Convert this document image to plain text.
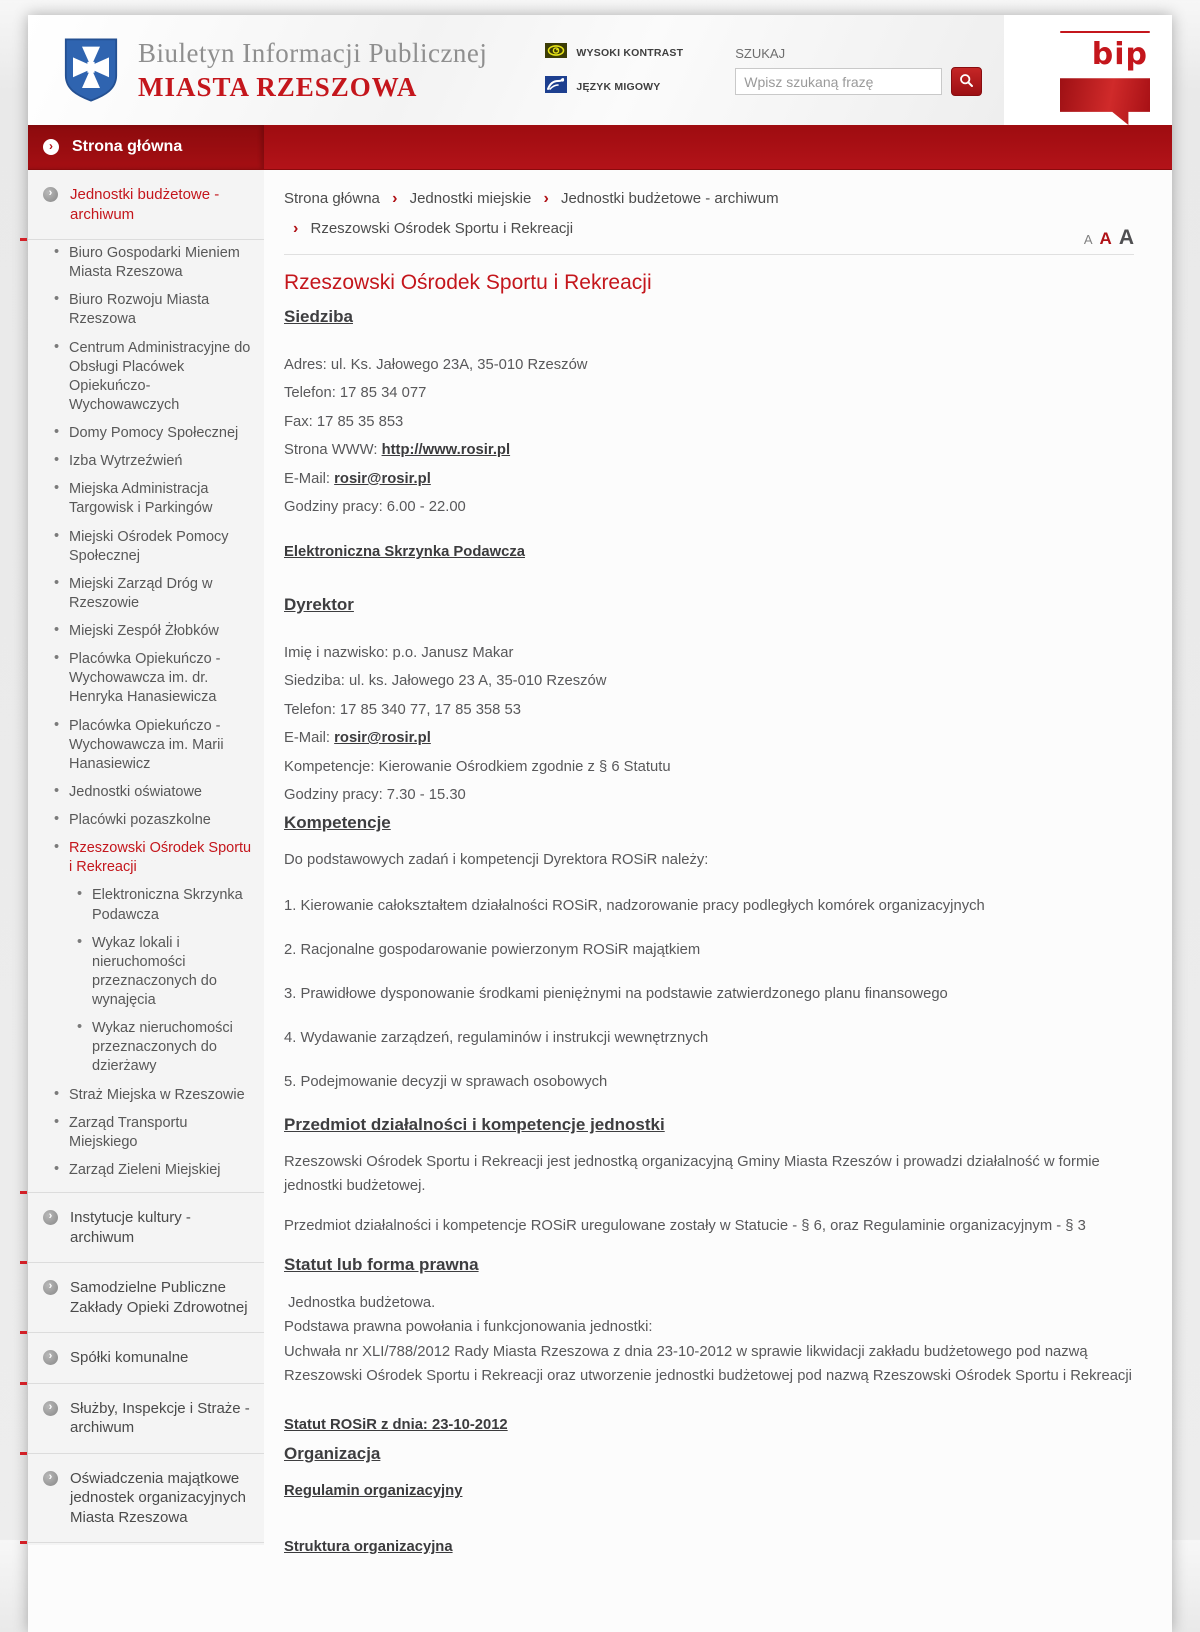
Biuletyn Informacji Publicznej
MIASTA RZESZOWA
WYSOKI KONTRAST
JĘZYK MIGOWY
SZUKAJ
Wpisz szukaną frazę	bip
›	Strona główna
›	Jednostki budżetowe - archiwum
• Biuro Gospodarki Mieniem Miasta Rzeszowa
• Biuro Rozwoju Miasta Rzeszowa
• Centrum Administracyjne do Obsługi Placówek Opiekuńczo-Wychowawczych
• Domy Pomocy Społecznej
• Izba Wytrzeźwień
• Miejska Administracja Targowisk i Parkingów
• Miejski Ośrodek Pomocy Społecznej
• Miejski Zarząd Dróg w Rzeszowie
• Miejski Zespół Żłobków
• Placówka Opiekuńczo - Wychowawcza im. dr. Henryka Hanasiewicza
• Placówka Opiekuńczo - Wychowawcza im. Marii Hanasiewicz
• Jednostki oświatowe
• Placówki pozaszkolne
• Rzeszowski Ośrodek Sportu i Rekreacji
• Elektroniczna Skrzynka Podawcza
• Wykaz lokali i nieruchomości przeznaczonych do wynajęcia
• Wykaz nieruchomości przeznaczonych do dzierżawy
• Straż Miejska w Rzeszowie
• Zarząd Transportu Miejskiego
• Zarząd Zieleni Miejskiej
›	Instytucje kultury - archiwum
›	Samodzielne Publiczne Zakłady Opieki Zdrowotnej
›	Spółki komunalne
›	Służby, Inspekcje i Straże - archiwum
›	Oświadczenia majątkowe jednostek organizacyjnych Miasta Rzeszowa
Strona główna › Jednostki miejskie › Jednostki budżetowe - archiwum
› Rzeszowski Ośrodek Sportu i Rekreacji
A A A
Rzeszowski Ośrodek Sportu i Rekreacji
Siedziba

Adres: ul. Ks. Jałowego 23A, 35-010 Rzeszów

Telefon: 17 85 34 077

Fax: 17 85 35 853

Strona WWW: http://www.rosir.pl

E-Mail: rosir@rosir.pl

Godziny pracy: 6.00 - 22.00

Elektroniczna Skrzynka Podawcza

Dyrektor

Imię i nazwisko: p.o. Janusz Makar

Siedziba: ul. ks. Jałowego 23 A, 35-010 Rzeszów

Telefon: 17 85 340 77, 17 85 358 53

E-Mail: rosir@rosir.pl

Kompetencje: Kierowanie Ośrodkiem zgodnie z § 6 Statutu

Godziny pracy: 7.30 - 15.30

Kompetencje

Do podstawowych zadań i kompetencji Dyrektora ROSiR należy:

1. Kierowanie całokształtem działalności ROSiR, nadzorowanie pracy podległych komórek organizacyjnych

2. Racjonalne gospodarowanie powierzonym ROSiR majątkiem

3. Prawidłowe dysponowanie środkami pieniężnymi na podstawie zatwierdzonego planu finansowego

4. Wydawanie zarządzeń, regulaminów i instrukcji wewnętrznych

5. Podejmowanie decyzji w sprawach osobowych

Przedmiot działalności i kompetencje jednostki

Rzeszowski Ośrodek Sportu i Rekreacji jest jednostką organizacyjną Gminy Miasta Rzeszów i prowadzi działalność w formie jednostki budżetowej.

Przedmiot działalności i kompetencje ROSiR uregulowane zostały w Statucie - § 6, oraz Regulaminie organizacyjnym - § 3

Statut lub forma prawna

Jednostka budżetowa.

Podstawa prawna powołania i funkcjonowania jednostki:

Uchwała nr XLI/788/2012 Rady Miasta Rzeszowa z dnia 23-10-2012 w sprawie likwidacji zakładu budżetowego pod nazwą Rzeszowski Ośrodek Sportu i Rekreacji oraz utworzenie jednostki budżetowej pod nazwą Rzeszowski Ośrodek Sportu i Rekreacji

Statut ROSiR z dnia: 23-10-2012

Organizacja

Regulamin organizacyjny

Struktura organizacyjna
